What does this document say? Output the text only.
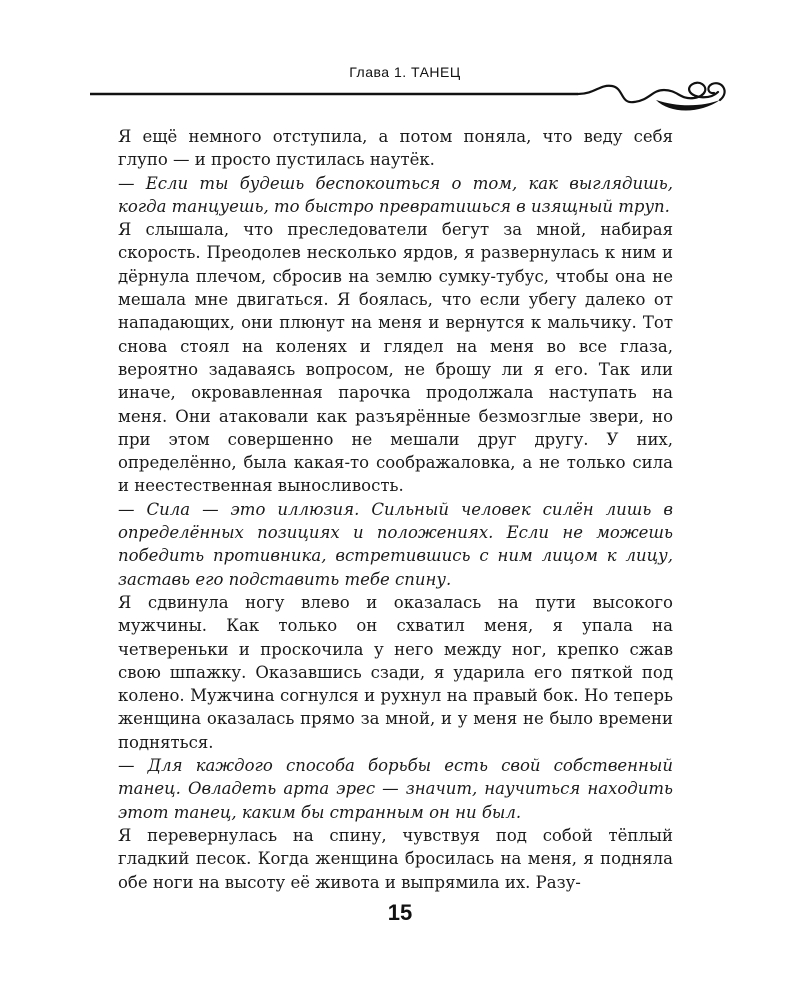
Глава 1. ТАНЕЦ

Я ещё немного отступила, а потом поняла, что веду себя глупо — и просто пустилась наутёк.

— Если ты будешь беспокоиться о том, как выглядишь, когда танцуешь, то быстро превратишься в изящный труп.

Я слышала, что преследователи бегут за мной, набирая скорость. Преодолев несколько ярдов, я развернулась к ним и дёрнула плечом, сбросив на землю сумку-тубус, чтобы она не мешала мне двигаться. Я боялась, что если убегу далеко от нападающих, они плюнут на меня и вернутся к мальчику. Тот снова стоял на коленях и глядел на меня во все глаза, вероятно задаваясь вопросом, не брошу ли я его. Так или иначе, окровавленная парочка продолжала наступать на меня. Они атаковали как разъярённые безмозглые звери, но при этом совершенно не мешали друг другу. У них, определённо, была какая-то соображаловка, а не только сила и неестественная выносливость.

— Сила — это иллюзия. Сильный человек силён лишь в определённых позициях и положениях. Если не можешь победить противника, встретившись с ним лицом к лицу, заставь его подставить тебе спину.

Я сдвинула ногу влево и оказалась на пути высокого мужчины. Как только он схватил меня, я упала на четвереньки и проскочила у него между ног, крепко сжав свою шпажку. Оказавшись сзади, я ударила его пяткой под колено. Мужчина согнулся и рухнул на правый бок. Но теперь женщина оказалась прямо за мной, и у меня не было времени подняться.

— Для каждого способа борьбы есть свой собственный танец. Овладеть арта эрес — значит, научиться находить этот танец, каким бы странным он ни был.

Я перевернулась на спину, чувствуя под собой тёплый гладкий песок. Когда женщина бросилась на меня, я подняла обе ноги на высоту её живота и выпрямила их. Разу-

15
